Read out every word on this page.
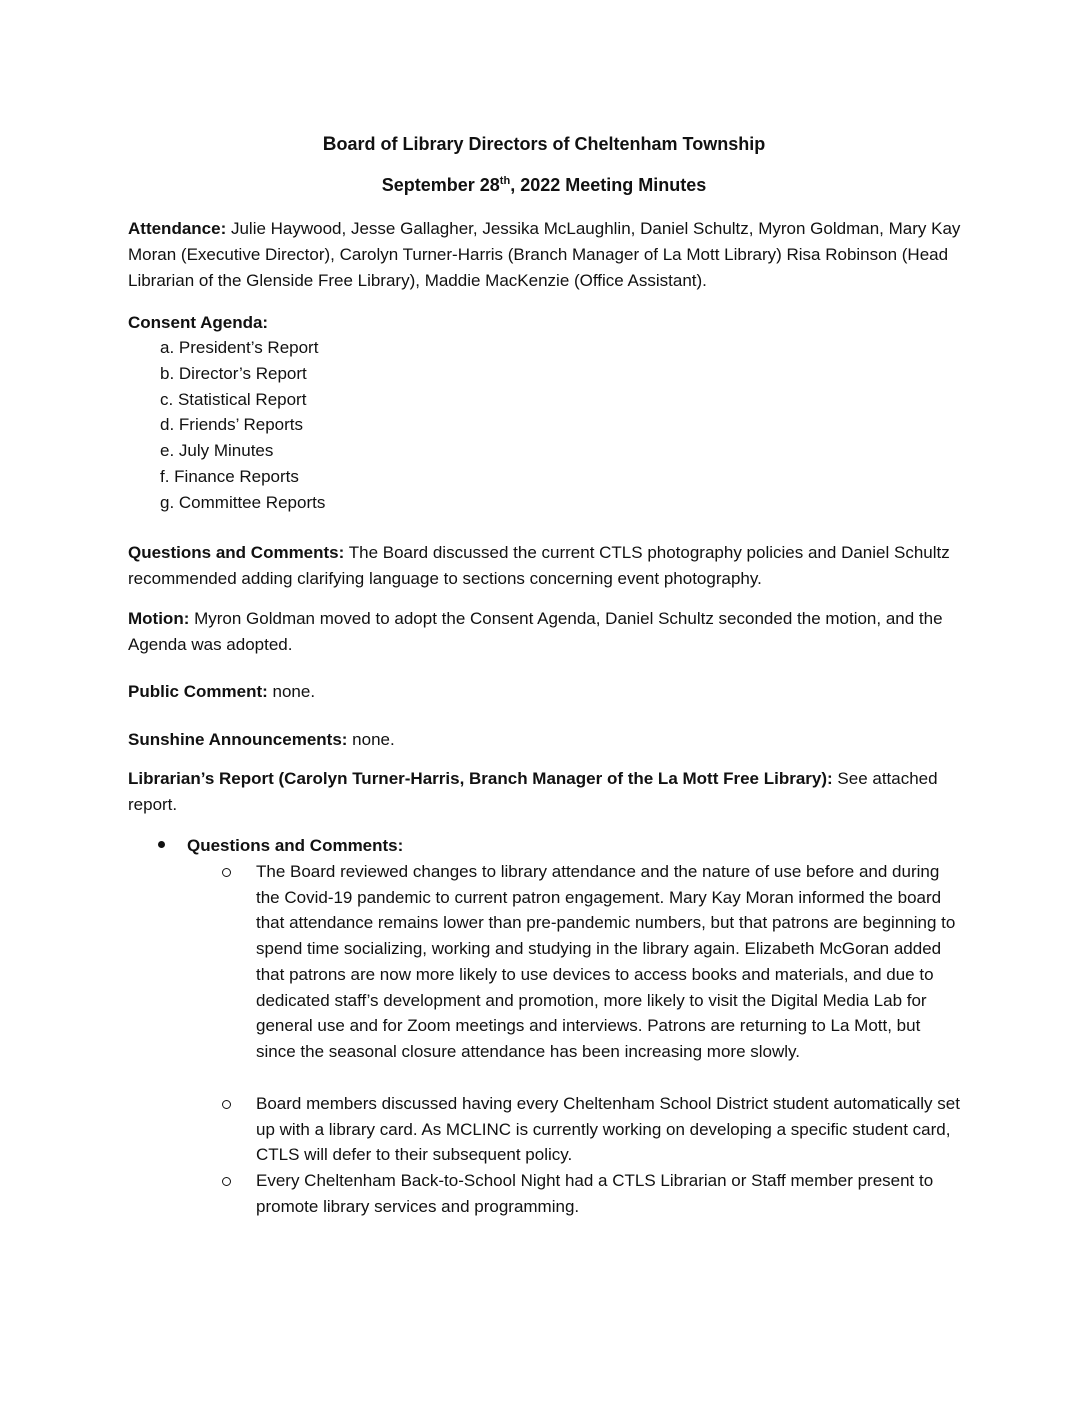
Board of Library Directors of Cheltenham Township
September 28th, 2022 Meeting Minutes
Attendance: Julie Haywood, Jesse Gallagher, Jessika McLaughlin, Daniel Schultz, Myron Goldman, Mary Kay Moran (Executive Director), Carolyn Turner-Harris (Branch Manager of La Mott Library) Risa Robinson (Head Librarian of the Glenside Free Library), Maddie MacKenzie (Office Assistant).
Consent Agenda:
a. President’s Report
b. Director’s Report
c. Statistical Report
d. Friends’ Reports
e. July Minutes
f. Finance Reports
g. Committee Reports
Questions and Comments: The Board discussed the current CTLS photography policies and Daniel Schultz recommended adding clarifying language to sections concerning event photography.
Motion: Myron Goldman moved to adopt the Consent Agenda, Daniel Schultz seconded the motion, and the Agenda was adopted.
Public Comment: none.
Sunshine Announcements: none.
Librarian’s Report (Carolyn Turner-Harris, Branch Manager of the La Mott Free Library): See attached report.
Questions and Comments:
The Board reviewed changes to library attendance and the nature of use before and during the Covid-19 pandemic to current patron engagement. Mary Kay Moran informed the board that attendance remains lower than pre-pandemic numbers, but that patrons are beginning to spend time socializing, working and studying in the library again. Elizabeth McGoran added that patrons are now more likely to use devices to access books and materials, and due to dedicated staff’s development and promotion, more likely to visit the Digital Media Lab for general use and for Zoom meetings and interviews. Patrons are returning to La Mott, but since the seasonal closure attendance has been increasing more slowly.
Board members discussed having every Cheltenham School District student automatically set up with a library card. As MCLINC is currently working on developing a specific student card, CTLS will defer to their subsequent policy.
Every Cheltenham Back-to-School Night had a CTLS Librarian or Staff member present to promote library services and programming.
